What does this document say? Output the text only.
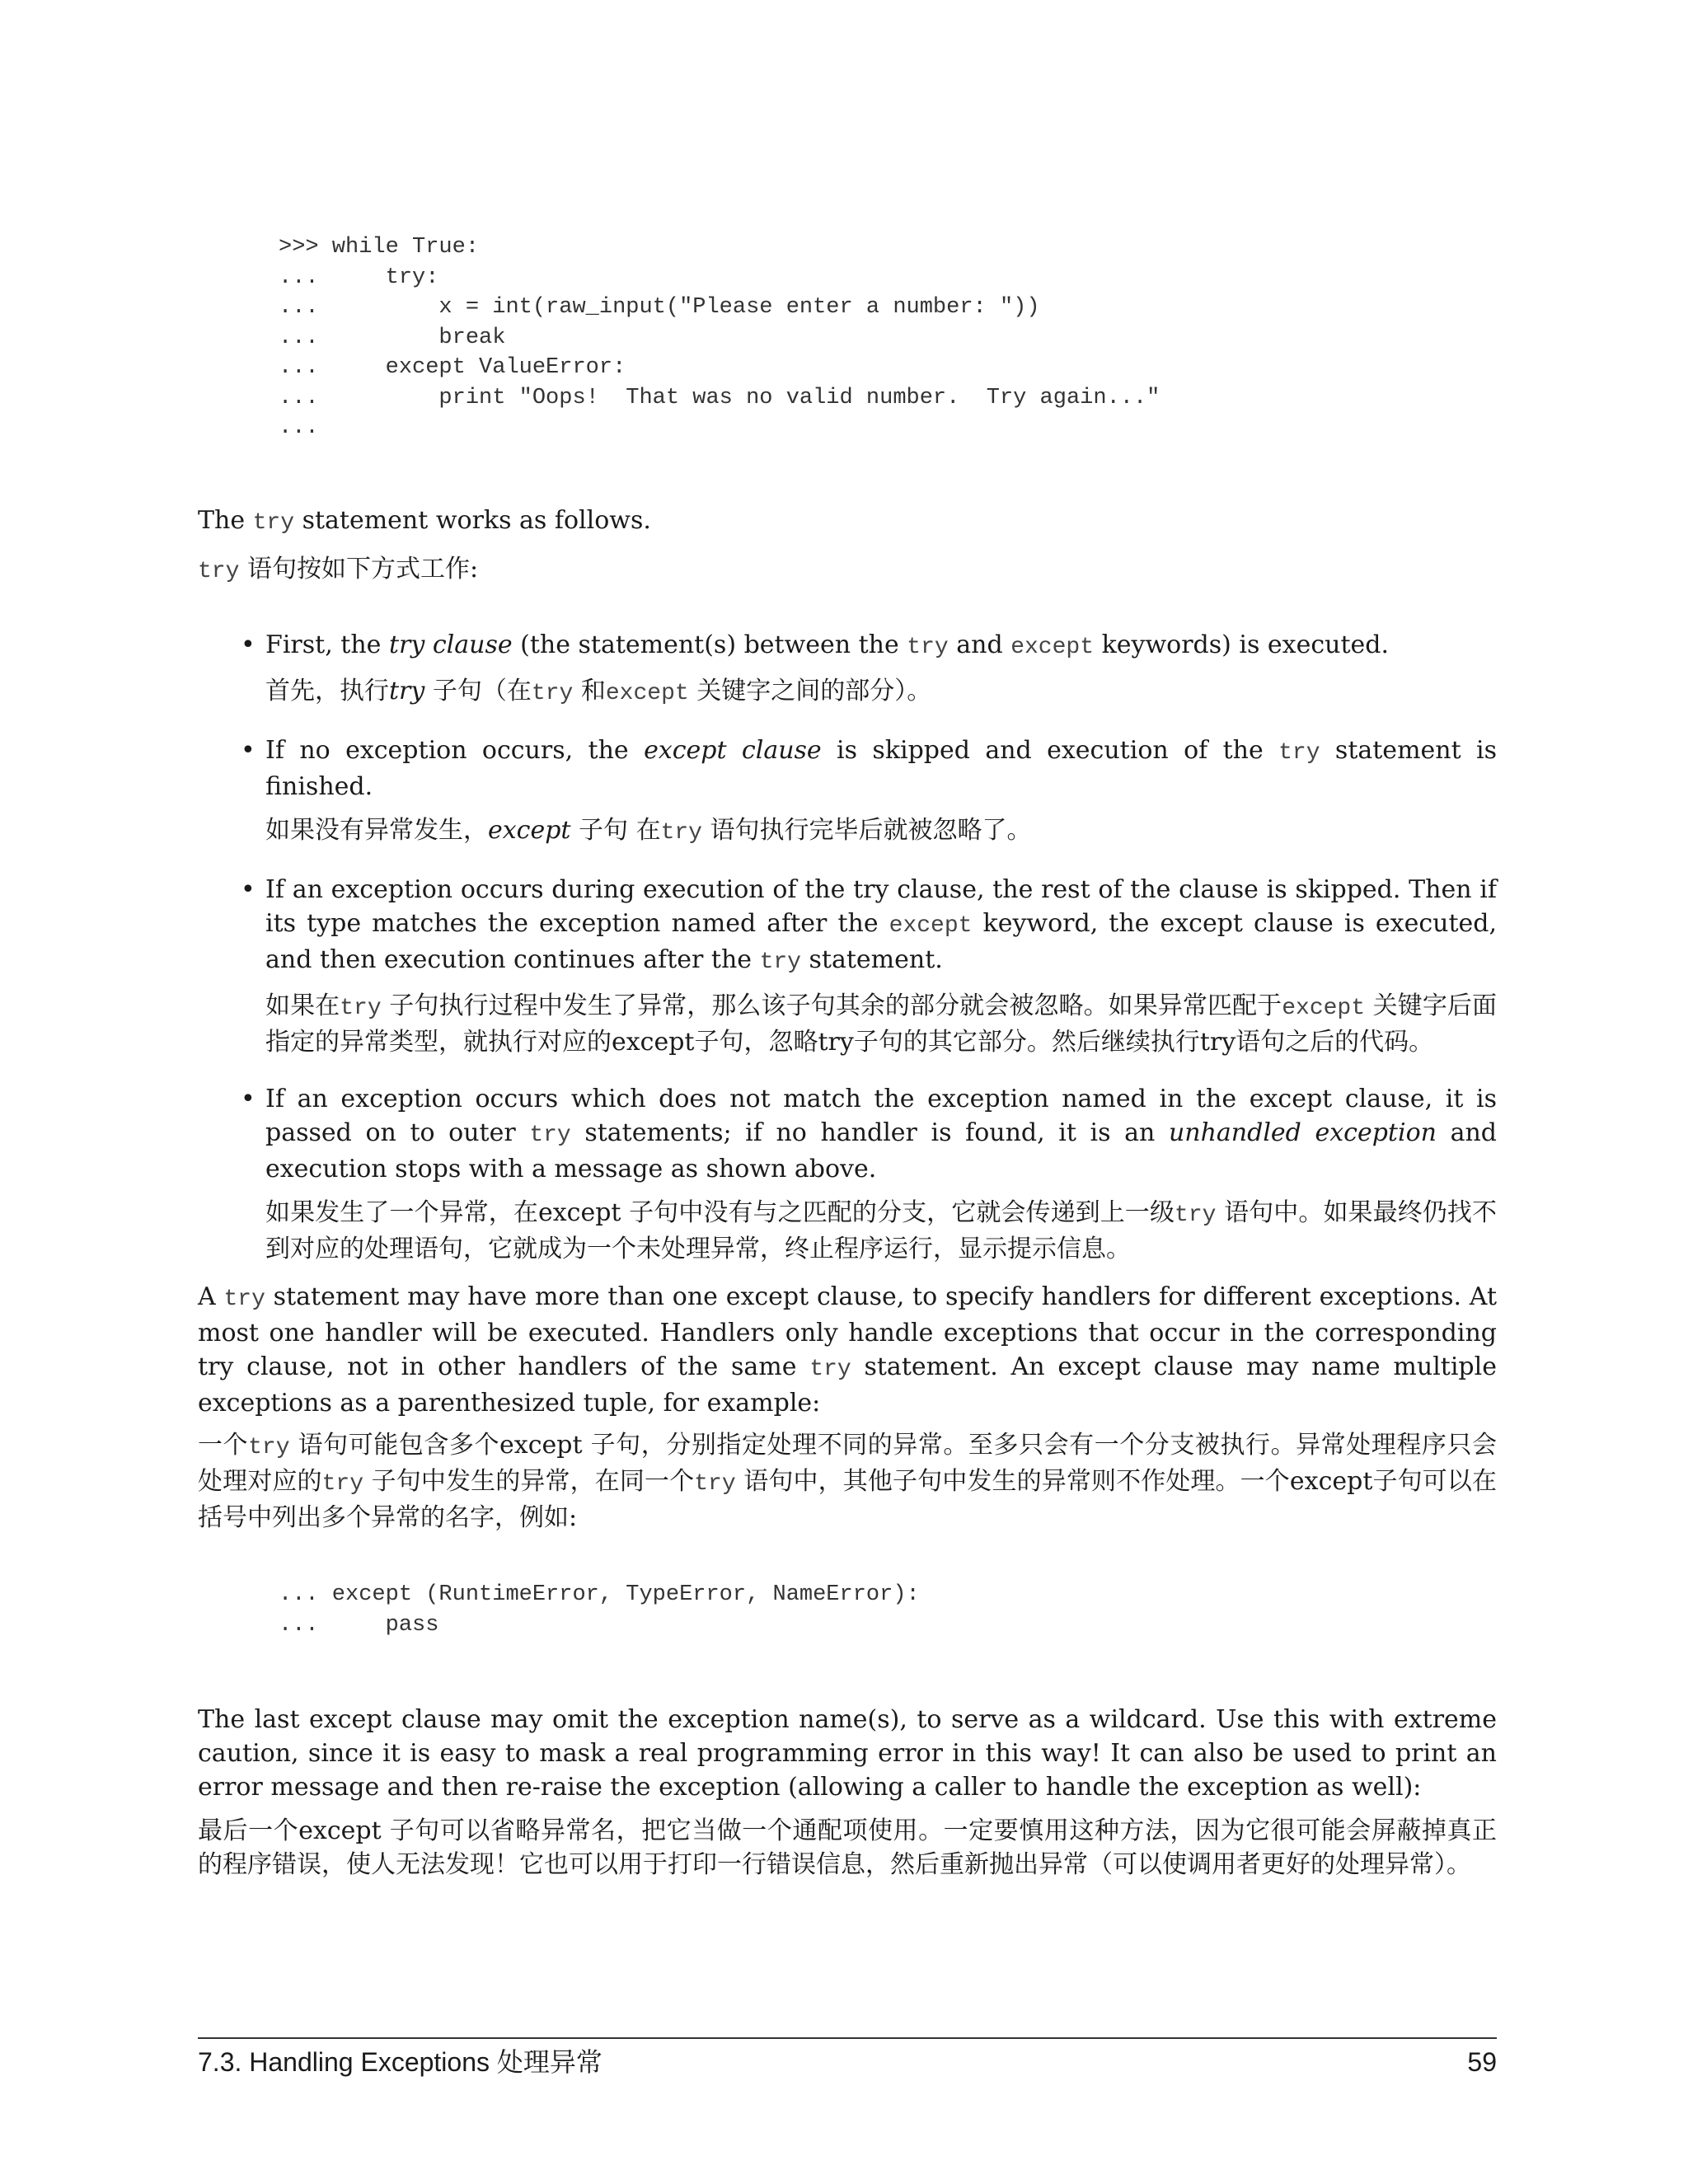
>>> while True:
...     try:
...         x = int(raw_input("Please enter a number: "))
...         break
...     except ValueError:
...         print "Oops!  That was no valid number.  Try again..."
...

The try statement works as follows.

try 语句按如下方式工作:

• First, the try clause (the statement(s) between the try and except keywords) is executed.
首先，执行try 子句（在try 和except 关键字之间的部分）。
• If no exception occurs, the except clause is skipped and execution of the try statement is finished.
如果没有异常发生，except 子句 在try 语句执行完毕后就被忽略了。
• If an exception occurs during execution of the try clause, the rest of the clause is skipped. Then if its type matches the exception named after the except keyword, the except clause is executed, and then execution continues after the try statement.
如果在try 子句执行过程中发生了异常，那么该子句其余的部分就会被忽略。如果异常匹配于except 关键字后面指定的异常类型，就执行对应的except子句，忽略try子句的其它部分。然后继续执行try语句之后的代码。
• If an exception occurs which does not match the exception named in the except clause, it is passed on to outer try statements; if no handler is found, it is an unhandled exception and execution stops with a message as shown above.
如果发生了一个异常，在except 子句中没有与之匹配的分支，它就会传递到上一级try 语句中。如果最终仍找不到对应的处理语句，它就成为一个未处理异常，终止程序运行，显示提示信息。

A try statement may have more than one except clause, to specify handlers for different exceptions. At most one handler will be executed. Handlers only handle exceptions that occur in the corresponding try clause, not in other handlers of the same try statement. An except clause may name multiple exceptions as a parenthesized tuple, for example:

一个try 语句可能包含多个except 子句，分别指定处理不同的异常。至多只会有一个分支被执行。异常处理程序只会处理对应的try 子句中发生的异常，在同一个try 语句中，其他子句中发生的异常则不作处理。一个except子句可以在括号中列出多个异常的名字，例如:

... except (RuntimeError, TypeError, NameError):
...     pass

The last except clause may omit the exception name(s), to serve as a wildcard. Use this with extreme caution, since it is easy to mask a real programming error in this way! It can also be used to print an error message and then re-raise the exception (allowing a caller to handle the exception as well):

最后一个except 子句可以省略异常名，把它当做一个通配项使用。一定要慎用这种方法，因为它很可能会屏蔽掉真正的程序错误，使人无法发现！它也可以用于打印一行错误信息，然后重新抛出异常（可以使调用者更好的处理异常）。

7.3. Handling Exceptions 处理异常	59
